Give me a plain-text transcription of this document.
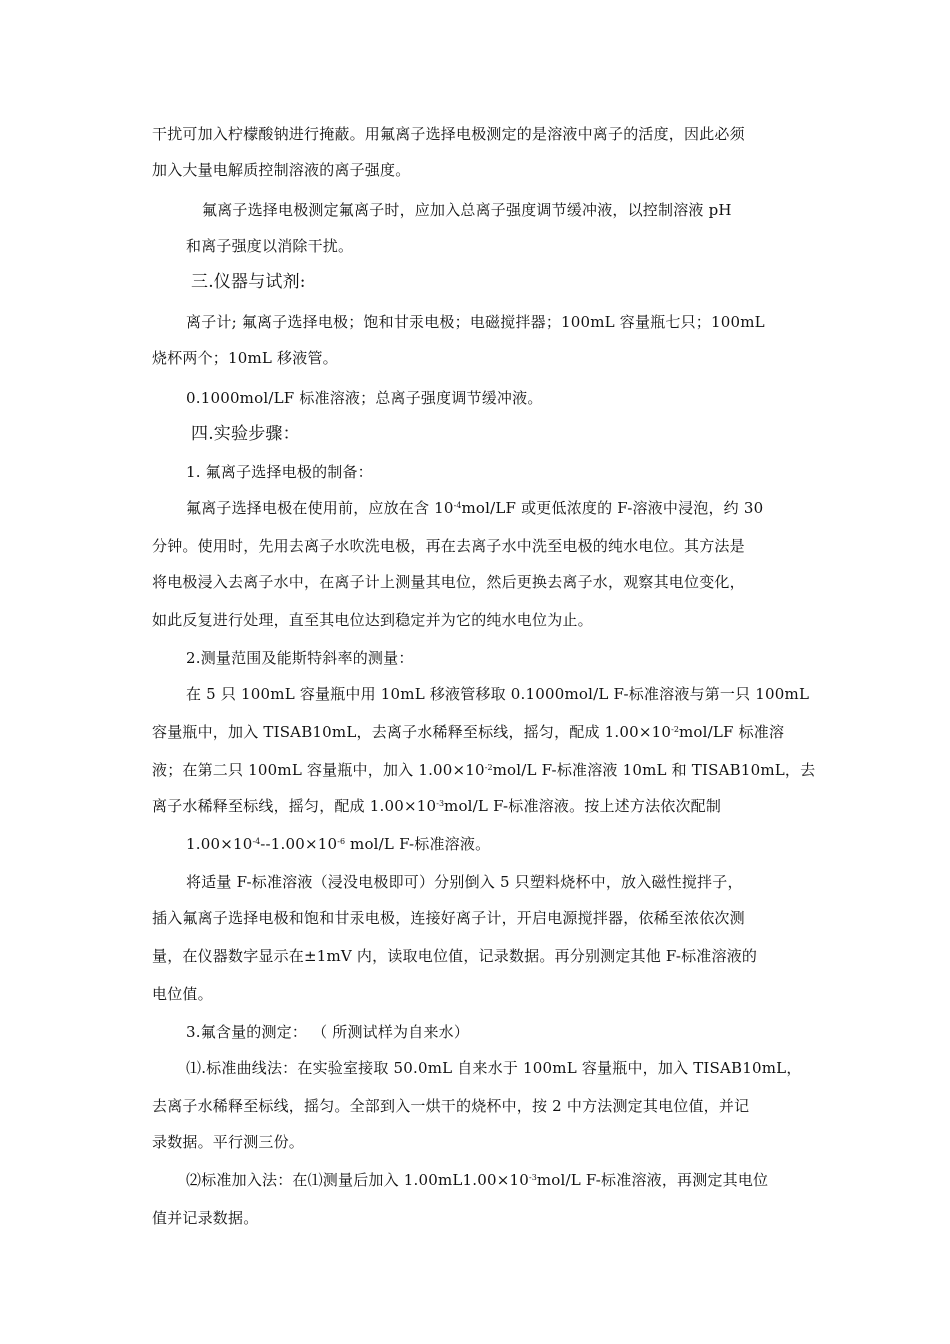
干扰可加入柠檬酸钠进行掩蔽。用氟离子选择电极测定的是溶液中离子的活度，因此必须
加入大量电解质控制溶液的离子强度。
氟离子选择电极测定氟离子时，应加入总离子强度调节缓冲液，以控制溶液 pH
和离子强度以消除干扰。
三.仪器与试剂:
离子计; 氟离子选择电极；饱和甘汞电极；电磁搅拌器；100mL 容量瓶七只；100mL
烧杯两个；10mL 移液管。
0.1000mol/LF 标准溶液；总离子强度调节缓冲液。
四.实验步骤：
1. 氟离子选择电极的制备：
氟离子选择电极在使用前，应放在含 $10^{-4}mol/LF$ 或更低浓度的 F-溶液中浸泡，约 30
分钟。使用时，先用去离子水吹洗电极，再在去离子水中洗至电极的纯水电位。其方法是
将电极浸入去离子水中，在离子计上测量其电位，然后更换去离子水，观察其电位变化，
如此反复进行处理，直至其电位达到稳定并为它的纯水电位为止。
2.测量范围及能斯特斜率的测量：
在 5 只 100mL 容量瓶中用 10mL 移液管移取 0.1000mol/L F-标准溶液与第一只 100mL
容量瓶中，加入 TISAB10mL，去离子水稀释至标线，摇匀，配成 $1.00\times 10^{-2}mol/LF$ 标准溶
液；在第二只 100mL 容量瓶中，加入 $1.00\times 10^{-2}mol/L$ F-标准溶液 10mL 和 TISAB10mL，去
离子水稀释至标线，摇匀，配成 $1.00\times 10^{-3}mol/L$ F-标准溶液。按上述方法依次配制
$1.00\times 10^{-4}--1.00\times 10^{-6}$ mol/L F-标准溶液。
将适量 F-标准溶液（浸没电极即可）分别倒入 5 只塑料烧杯中，放入磁性搅拌子，
插入氟离子选择电极和饱和甘汞电极，连接好离子计，开启电源搅拌器，依稀至浓依次测
量，在仪器数字显示在±1mV 内，读取电位值，记录数据。再分别测定其他 F-标准溶液的
电位值。
3.氟含量的测定： （ 所测试样为自来水）
⑴.标准曲线法：在实验室接取 50.0mL 自来水于 100mL 容量瓶中，加入 TISAB10mL，
去离子水稀释至标线，摇匀。全部到入一烘干的烧杯中，按 2 中方法测定其电位值，并记
录数据。平行测三份。
⑵标准加入法：在⑴测量后加入 $1.00mL1.00\times 10^{-3}mol/L$ F-标准溶液，再测定其电位
值并记录数据。
